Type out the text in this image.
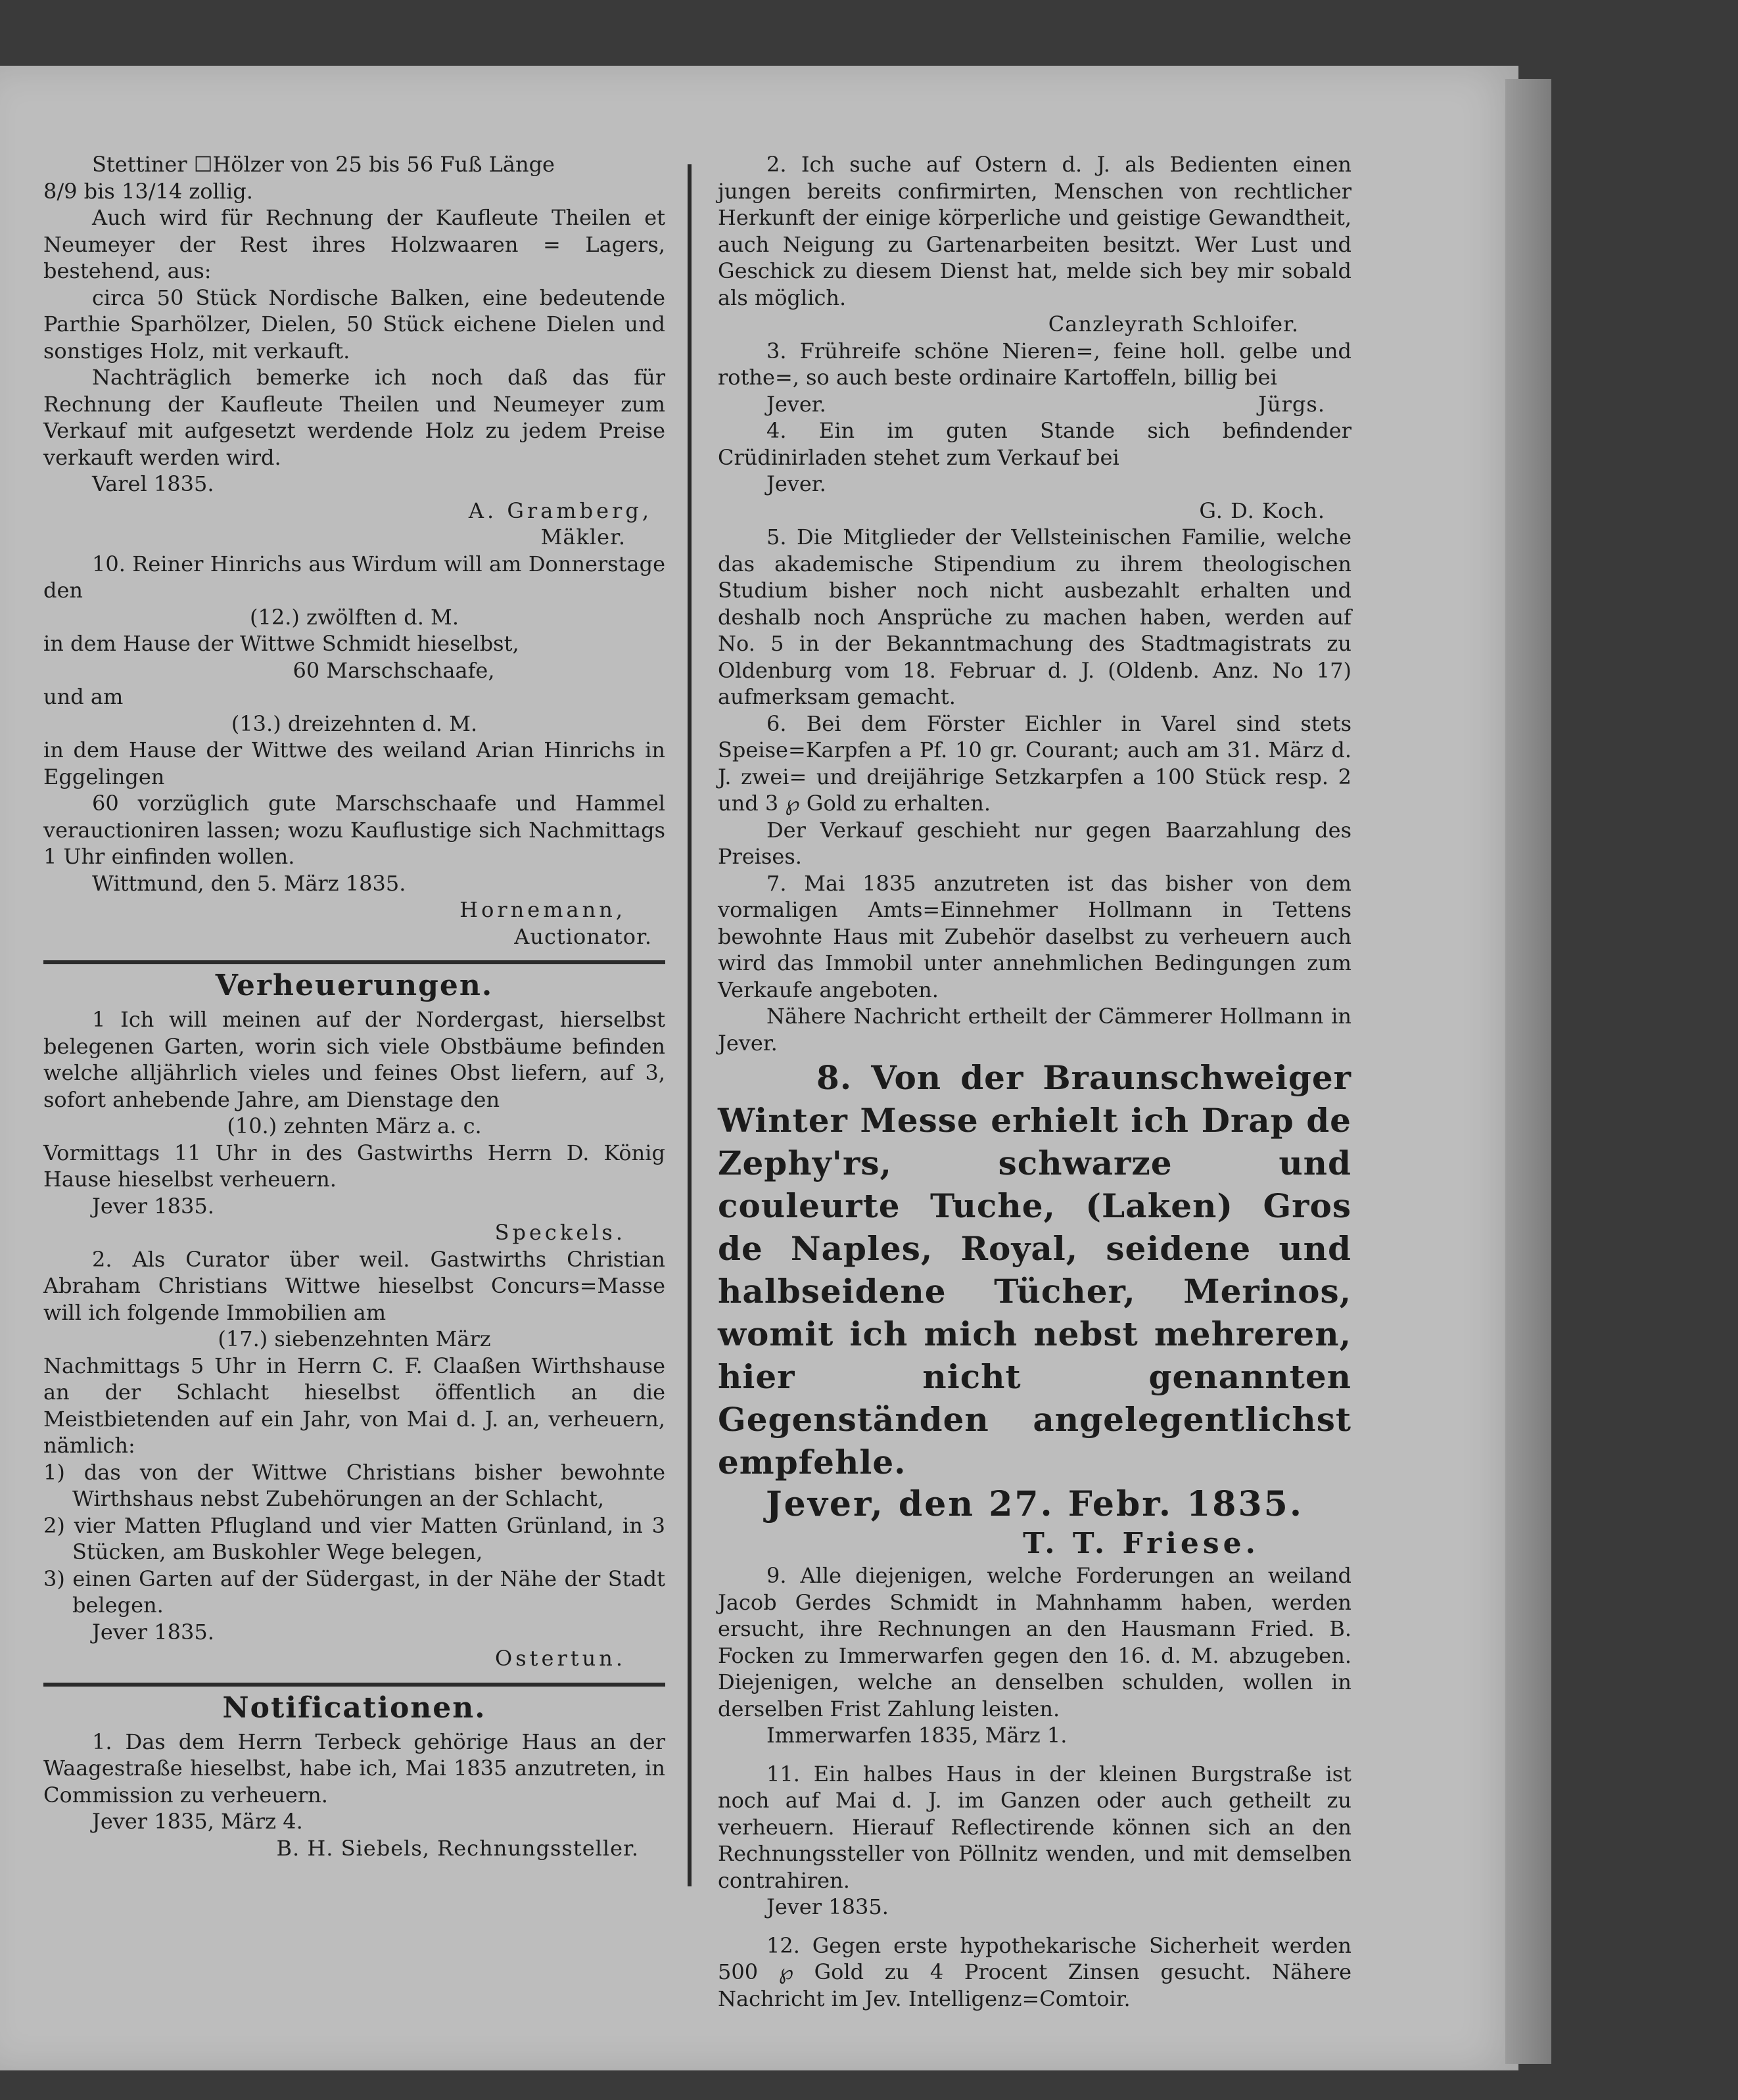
Stettiner ☐Hölzer von 25 bis 56 Fuß Länge

8/9 bis 13/14 zollig.

Auch wird für Rechnung der Kaufleute Theilen et Neumeyer der Rest ihres Holzwaaren = Lagers, bestehend, aus:

circa 50 Stück Nordische Balken, eine bedeutende Parthie Sparhölzer, Dielen, 50 Stück eichene Dielen und sonstiges Holz, mit verkauft.

Nachträglich bemerke ich noch daß das für Rechnung der Kaufleute Theilen und Neumeyer zum Verkauf mit aufgesetzt werdende Holz zu jedem Preise verkauft werden wird.

Varel 1835.

A. Gramberg,

Mäkler.

10. Reiner Hinrichs aus Wirdum will am Donnerstage den

(12.) zwölften d. M.

in dem Hause der Wittwe Schmidt hieselbst,

60 Marschschaafe,

und am

(13.) dreizehnten d. M.

in dem Hause der Wittwe des weiland Arian Hinrichs in Eggelingen

60 vorzüglich gute Marschschaafe und Hammel verauctioniren lassen; wozu Kauflustige sich Nachmittags 1 Uhr einfinden wollen.

Wittmund, den 5. März 1835.

Hornemann,

Auctionator.

Verheuerungen.

1 Ich will meinen auf der Nordergast, hierselbst belegenen Garten, worin sich viele Obstbäume befinden welche alljährlich vieles und feines Obst liefern, auf 3, sofort anhebende Jahre, am Dienstage den

(10.) zehnten März a. c.

Vormittags 11 Uhr in des Gastwirths Herrn D. König Hause hieselbst verheuern.

Jever 1835.

Speckels.

2. Als Curator über weil. Gastwirths Christian Abraham Christians Wittwe hieselbst Concurs=Masse will ich folgende Immobilien am

(17.) siebenzehnten März

Nachmittags 5 Uhr in Herrn C. F. Claaßen Wirthshause an der Schlacht hieselbst öffentlich an die Meistbietenden auf ein Jahr, von Mai d. J. an, verheuern, nämlich:

1) das von der Wittwe Christians bisher bewohnte Wirthshaus nebst Zubehörungen an der Schlacht,

2) vier Matten Pflugland und vier Matten Grünland, in 3 Stücken, am Buskohler Wege belegen,

3) einen Garten auf der Südergast, in der Nähe der Stadt belegen.

Jever 1835.

Ostertun.

Notificationen.

1. Das dem Herrn Terbeck gehörige Haus an der Waagestraße hieselbst, habe ich, Mai 1835 anzutreten, in Commission zu verheuern.

Jever 1835, März 4.

B. H. Siebels, Rechnungssteller.

2. Ich suche auf Ostern d. J. als Bedienten einen jungen bereits confirmirten, Menschen von rechtlicher Herkunft der einige körperliche und geistige Gewandtheit, auch Neigung zu Gartenarbeiten besitzt. Wer Lust und Geschick zu diesem Dienst hat, melde sich bey mir sobald als möglich.

Canzleyrath Schloifer.

3. Frühreife schöne Nieren=, feine holl. gelbe und rothe=, so auch beste ordinaire Kartoffeln, billig bei

Jever.	Jürgs.

4. Ein im guten Stande sich befindender Crüdinirladen stehet zum Verkauf bei

Jever.

G. D. Koch.

5. Die Mitglieder der Vellsteinischen Familie, welche das akademische Stipendium zu ihrem theologischen Studium bisher noch nicht ausbezahlt erhalten und deshalb noch Ansprüche zu machen haben, werden auf No. 5 in der Bekanntmachung des Stadtmagistrats zu Oldenburg vom 18. Februar d. J. (Oldenb. Anz. No 17) aufmerksam gemacht.

6. Bei dem Förster Eichler in Varel sind stets Speise=Karpfen a Pf. 10 gr. Courant; auch am 31. März d. J. zwei= und dreijährige Setzkarpfen a 100 Stück resp. 2 und 3 ℘ Gold zu erhalten.

Der Verkauf geschieht nur gegen Baarzahlung des Preises.

7. Mai 1835 anzutreten ist das bisher von dem vormaligen Amts=Einnehmer Hollmann in Tettens bewohnte Haus mit Zubehör daselbst zu verheuern auch wird das Immobil unter annehmlichen Bedingungen zum Verkaufe angeboten.

Nähere Nachricht ertheilt der Cämmerer Hollmann in Jever.

8. Von der Braunschweiger Winter Messe erhielt ich Drap de Zephy'rs, schwarze und couleurte Tuche, (Laken) Gros de Naples, Royal, seidene und halbseidene Tücher, Merinos, womit ich mich nebst mehreren, hier nicht genannten Gegenständen angelegentlichst empfehle.

Jever, den 27. Febr. 1835.

T. T. Friese.

9. Alle diejenigen, welche Forderungen an weiland Jacob Gerdes Schmidt in Mahnhamm haben, werden ersucht, ihre Rechnungen an den Hausmann Fried. B. Focken zu Immerwarfen gegen den 16. d. M. abzugeben. Diejenigen, welche an denselben schulden, wollen in derselben Frist Zahlung leisten.

Immerwarfen 1835, März 1.

11. Ein halbes Haus in der kleinen Burgstraße ist noch auf Mai d. J. im Ganzen oder auch getheilt zu verheuern. Hierauf Reflectirende können sich an den Rechnungssteller von Pöllnitz wenden, und mit demselben contrahiren.

Jever 1835.

12. Gegen erste hypothekarische Sicherheit werden 500 ℘ Gold zu 4 Procent Zinsen gesucht. Nähere Nachricht im Jev. Intelligenz=Comtoir.
